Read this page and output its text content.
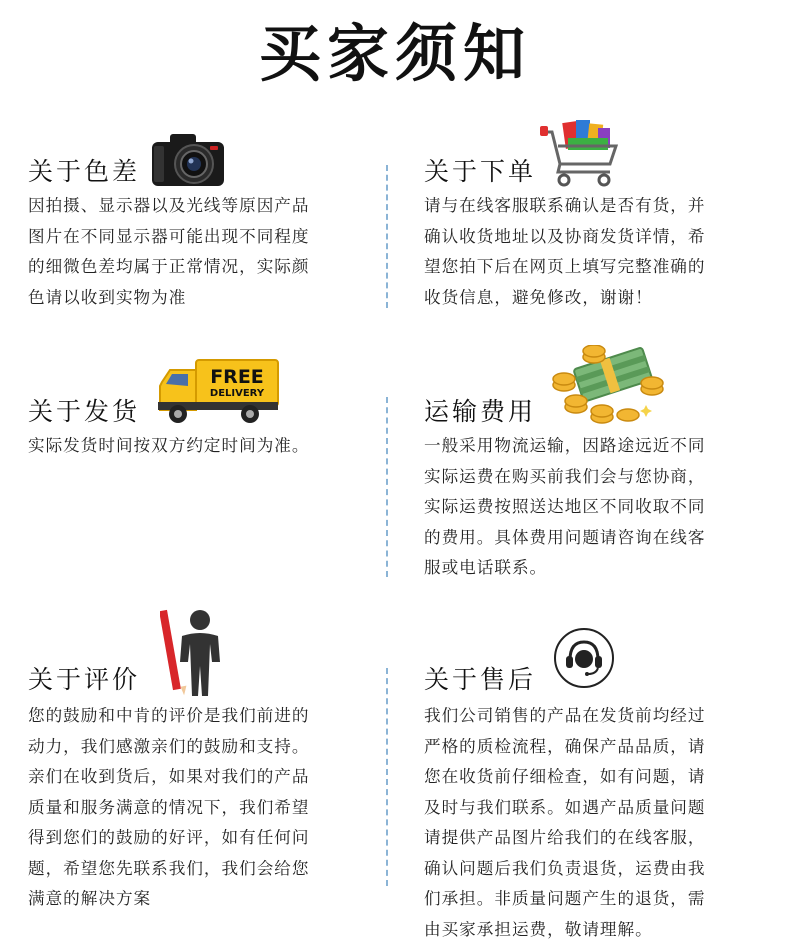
买家须知
关于色差
因拍摄、显示器以及光线等原因产品
图片在不同显示器可能出现不同程度
的细微色差均属于正常情况，实际颜
色请以收到实物为准
关于下单
请与在线客服联系确认是否有货，并
确认收货地址以及协商发货详情，希
望您拍下后在网页上填写完整准确的
收货信息，避免修改，谢谢！
关于发货
FREE
DELIVERY
实际发货时间按双方约定时间为准。
运输费用
一般采用物流运输，因路途远近不同
实际运费在购买前我们会与您协商，
实际运费按照送达地区不同收取不同
的费用。具体费用问题请咨询在线客
服或电话联系。
关于评价
您的鼓励和中肯的评价是我们前进的
动力，我们感激亲们的鼓励和支持。
亲们在收到货后，如果对我们的产品
质量和服务满意的情况下，我们希望
得到您们的鼓励的好评，如有任何问
题，希望您先联系我们，我们会给您
满意的解决方案
关于售后
我们公司销售的产品在发货前均经过
严格的质检流程，确保产品品质，请
您在收货前仔细检查，如有问题，请
及时与我们联系。如遇产品质量问题
请提供产品图片给我们的在线客服，
确认问题后我们负责退货，运费由我
们承担。非质量问题产生的退货，需
由买家承担运费，敬请理解。
